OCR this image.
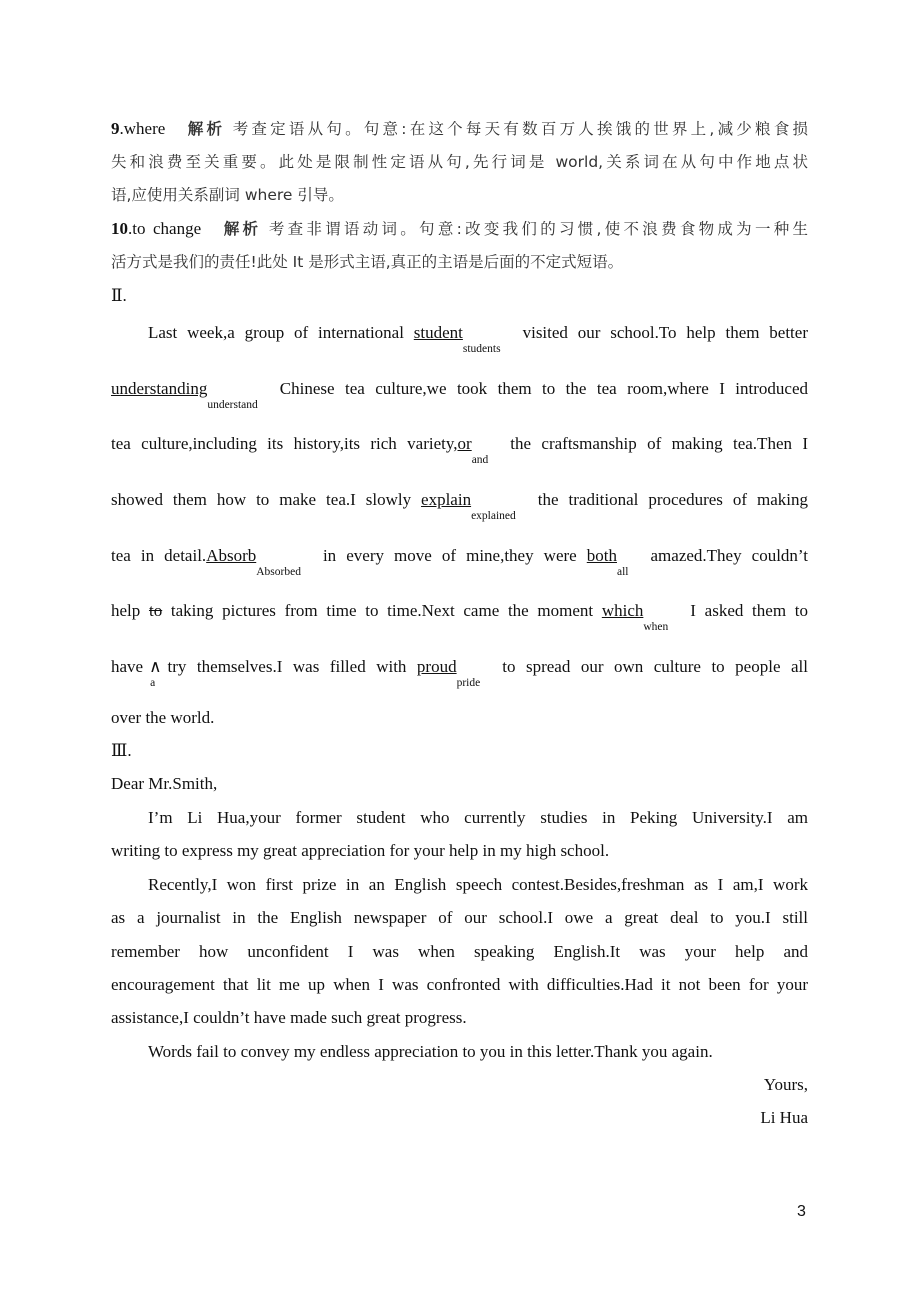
9.where 解析 考查定语从句。句意:在这个每天有数百万人挨饿的世界上,减少粮食损
失和浪费至关重要。此处是限制性定语从句,先行词是 world,关系词在从句中作地点状
语,应使用关系副词 where 引导。
10.to change 解析 考查非谓语动词。句意:改变我们的习惯,使不浪费食物成为一种生
活方式是我们的责任!此处 It 是形式主语,真正的主语是后面的不定式短语。
Ⅱ.
Last week,a group of international student$_{students}$visited our school.To help them better
understanding$_{understand}$Chinese tea culture,we took them to the tea room,where I introduced
tea culture,including its history,its rich $variety,or_{and}the$ craftsmanship of making tea.Then I
showed them how to make tea.I slowly explain$_{explained}$the traditional procedures of making
tea in detail.Absorb$_{Absorbed}$in every move of mine,they were both$_{all}$amazed.They couldn’t
help to taking pictures from time to time.Next came the moment which$_{when}$I asked them to
have ∧
a
try themselves.I was filled with proud$_{pride}$to spread our own culture to people all
over the world.
Ⅲ.
Dear Mr.Smith,
I’m Li Hua,your former student who currently studies in Peking University.I am
writing to express my great appreciation for your help in my high school.
Recently,I won first prize in an English speech contest.Besides,freshman as I am,I work
as a journalist in the English newspaper of our school.I owe a great deal to you.I still
remember how unconfident I was when speaking English.It was your help and
encouragement that lit me up when I was confronted with difficulties.Had it not been for your
assistance,I couldn’t have made such great progress.
Words fail to convey my endless appreciation to you in this letter.Thank you again.
Yours,
Li Hua
3
